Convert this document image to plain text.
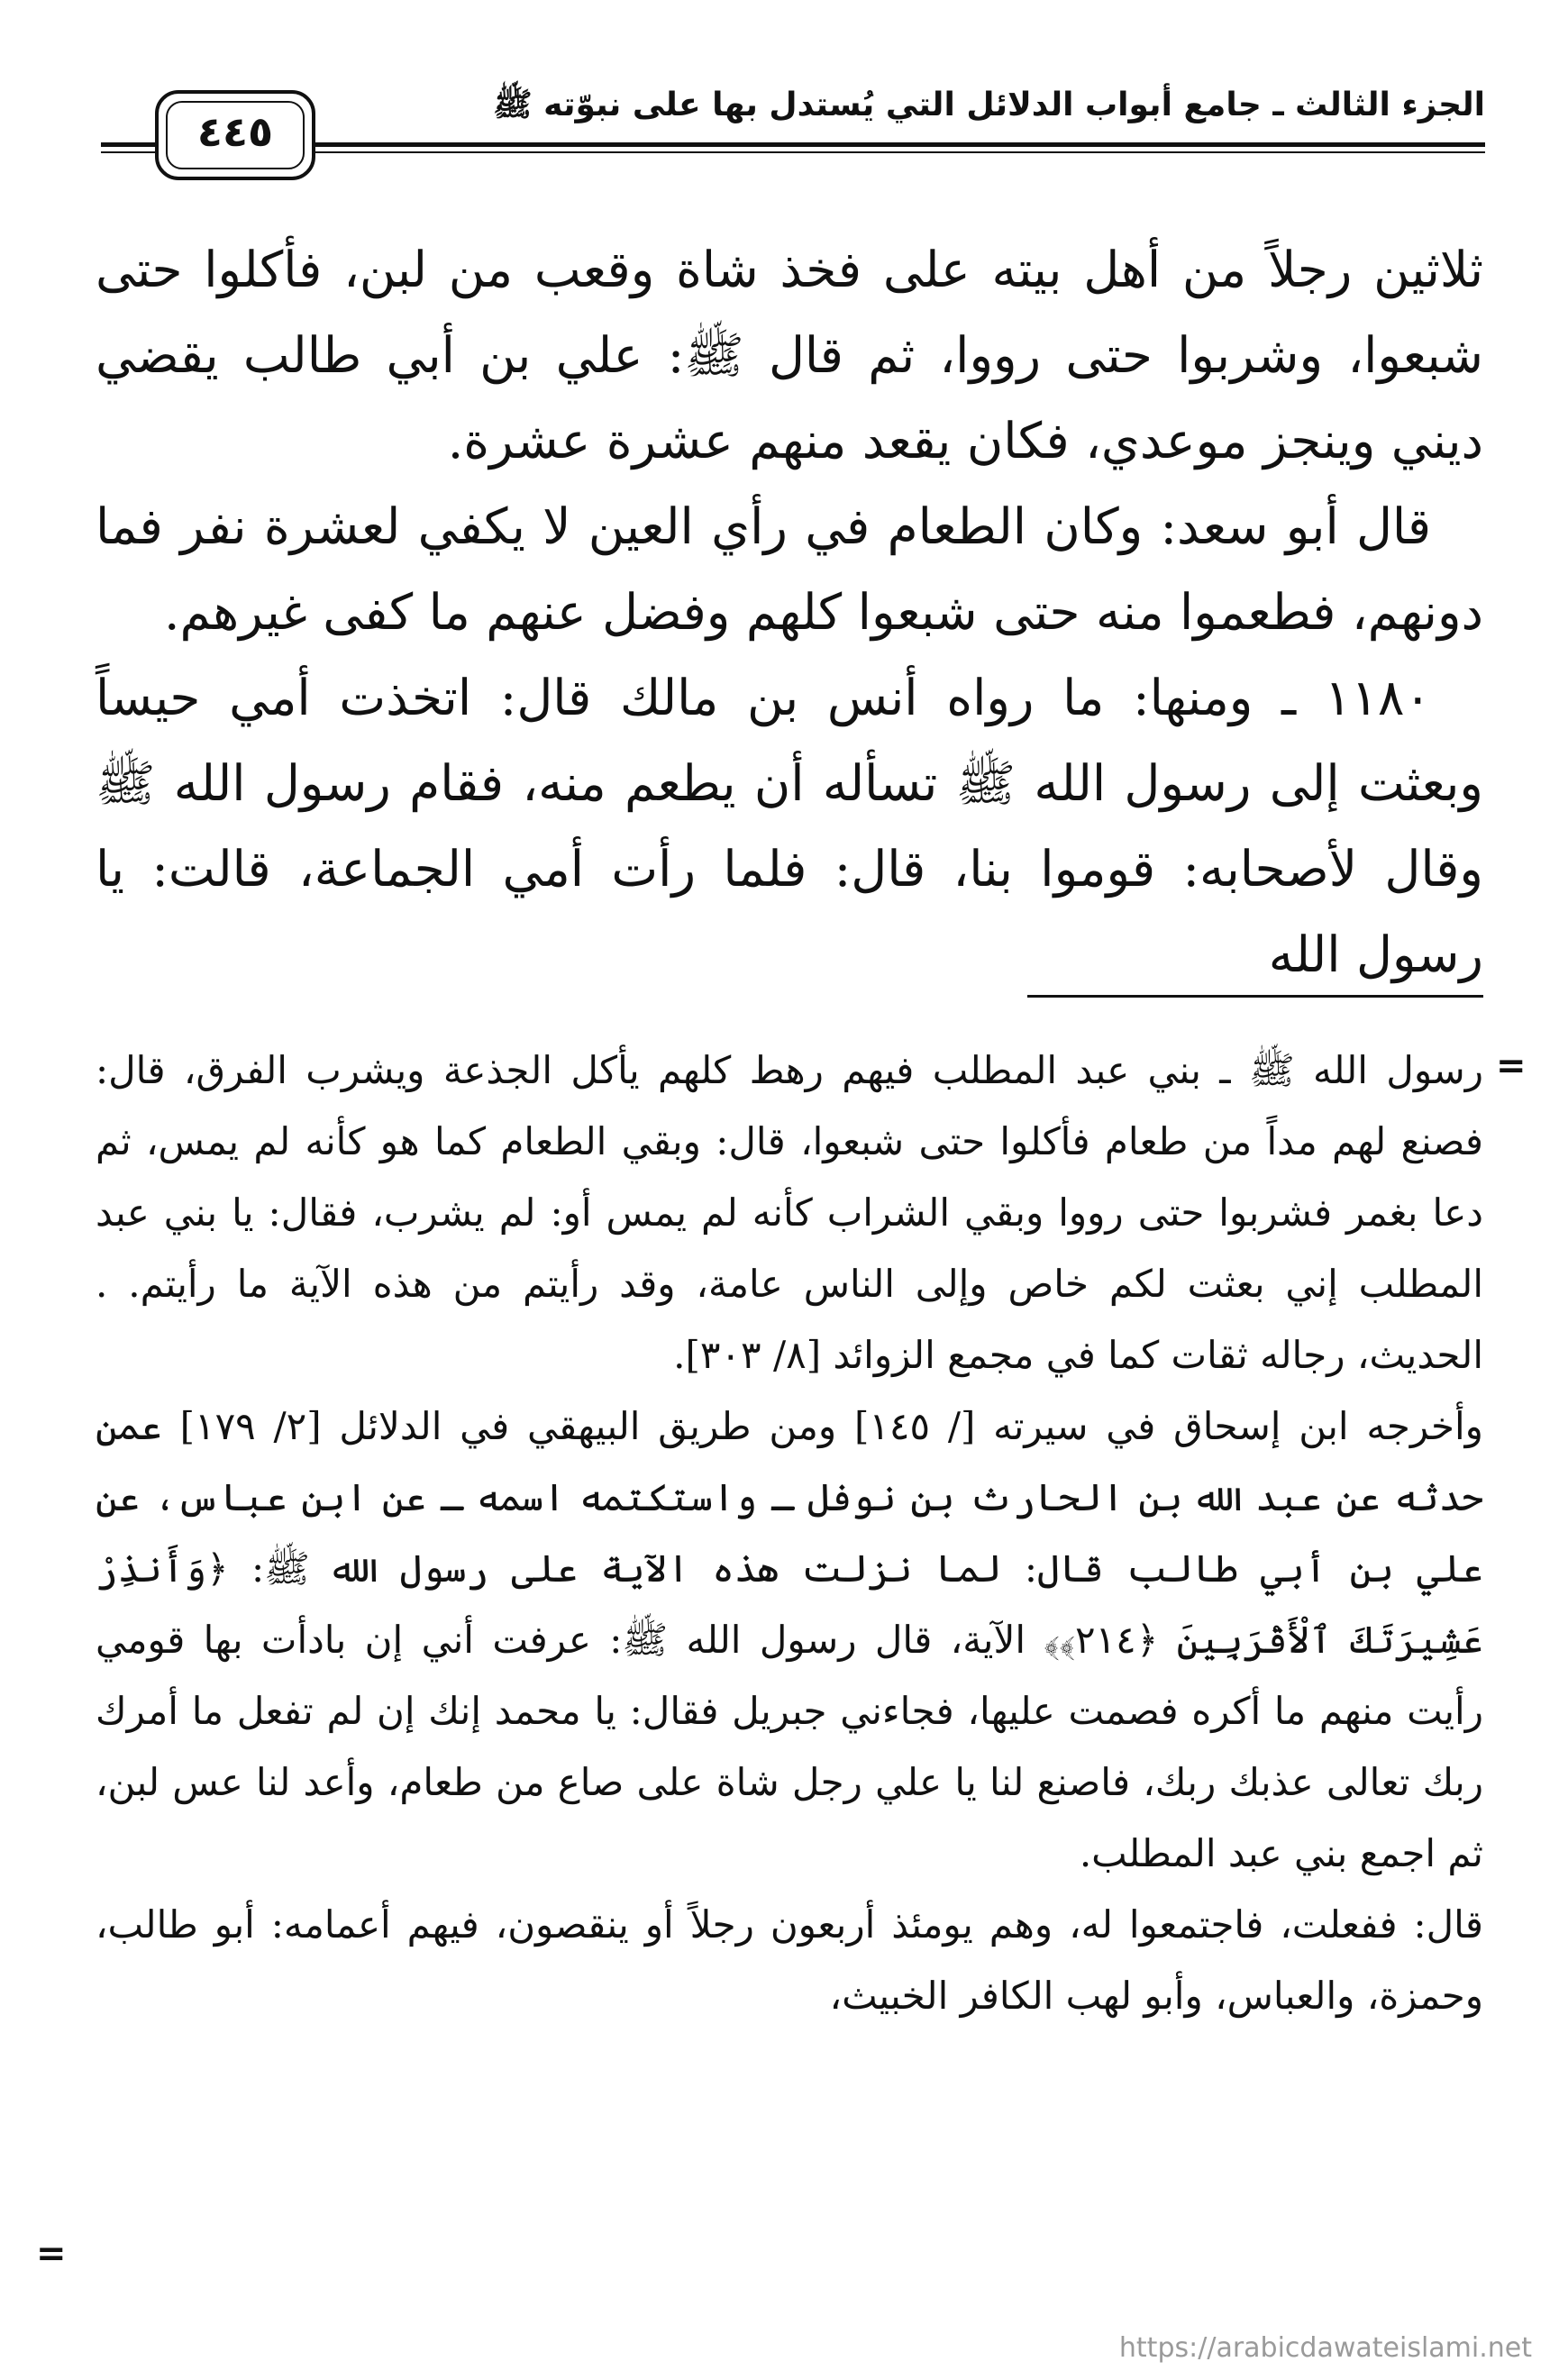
الجزء الثالث ـ جامع أبواب الدلائل التي يُستدل بها على نبوّته ﷺ
٤٤٥

ثلاثين رجلاً من أهل بيته على فخذ شاة وقعب من لبن، فأكلوا حتى شبعوا، وشربوا حتى رووا، ثم قال ﷺ: علي بن أبي طالب يقضي ديني وينجز موعدي، فكان يقعد منهم عشرة عشرة.

قال أبو سعد: وكان الطعام في رأي العين لا يكفي لعشرة نفر فما دونهم، فطعموا منه حتى شبعوا كلهم وفضل عنهم ما كفى غيرهم.

١١٨٠ ـ ومنها: ما رواه أنس بن مالك قال: اتخذت أمي حيساً وبعثت إلى رسول الله ﷺ تسأله أن يطعم منه، فقام رسول الله ﷺ وقال لأصحابه: قوموا بنا، قال: فلما رأت أمي الجماعة، قالت: يا رسول الله

=

رسول الله ﷺ ـ بني عبد المطلب فيهم رهط كلهم يأكل الجذعة ويشرب الفرق، قال: فصنع لهم مداً من طعام فأكلوا حتى شبعوا، قال: وبقي الطعام كما هو كأنه لم يمس، ثم دعا بغمر فشربوا حتى رووا وبقي الشراب كأنه لم يمس أو: لم يشرب، فقال: يا بني عبد المطلب إني بعثت لكم خاص وإلى الناس عامة، وقد رأيتم من هذه الآية ما رأيتم. . الحديث، رجاله ثقات كما في مجمع الزوائد [٨/ ٣٠٣].

وأخرجه ابن إسحاق في سيرته [/ ١٤٥] ومن طريق البيهقي في الدلائل [٢/ ١٧٩] عمن حدثه عن عبد الله بن الحارث بن نوفل ـ واستكتمه اسمه ـ عن ابن عباس، عن علي بن أبي طالب قال: لما نزلت هذه الآية على رسول الله ﷺ: ﴿وَأَنذِرْ عَشِيرَتَكَ ٱلْأَقْرَبِينَ ﴿٢١٤﴾﴾ الآية، قال رسول الله ﷺ: عرفت أني إن بادأت بها قومي رأيت منهم ما أكره فصمت عليها، فجاءني جبريل فقال: يا محمد إنك إن لم تفعل ما أمرك ربك تعالى عذبك ربك، فاصنع لنا يا علي رجل شاة على صاع من طعام، وأعد لنا عس لبن، ثم اجمع بني عبد المطلب.

قال: ففعلت، فاجتمعوا له، وهم يومئذ أربعون رجلاً أو ينقصون، فيهم أعمامه: أبو طالب، وحمزة، والعباس، وأبو لهب الكافر الخبيث،

=
https://arabicdawateislami.net
